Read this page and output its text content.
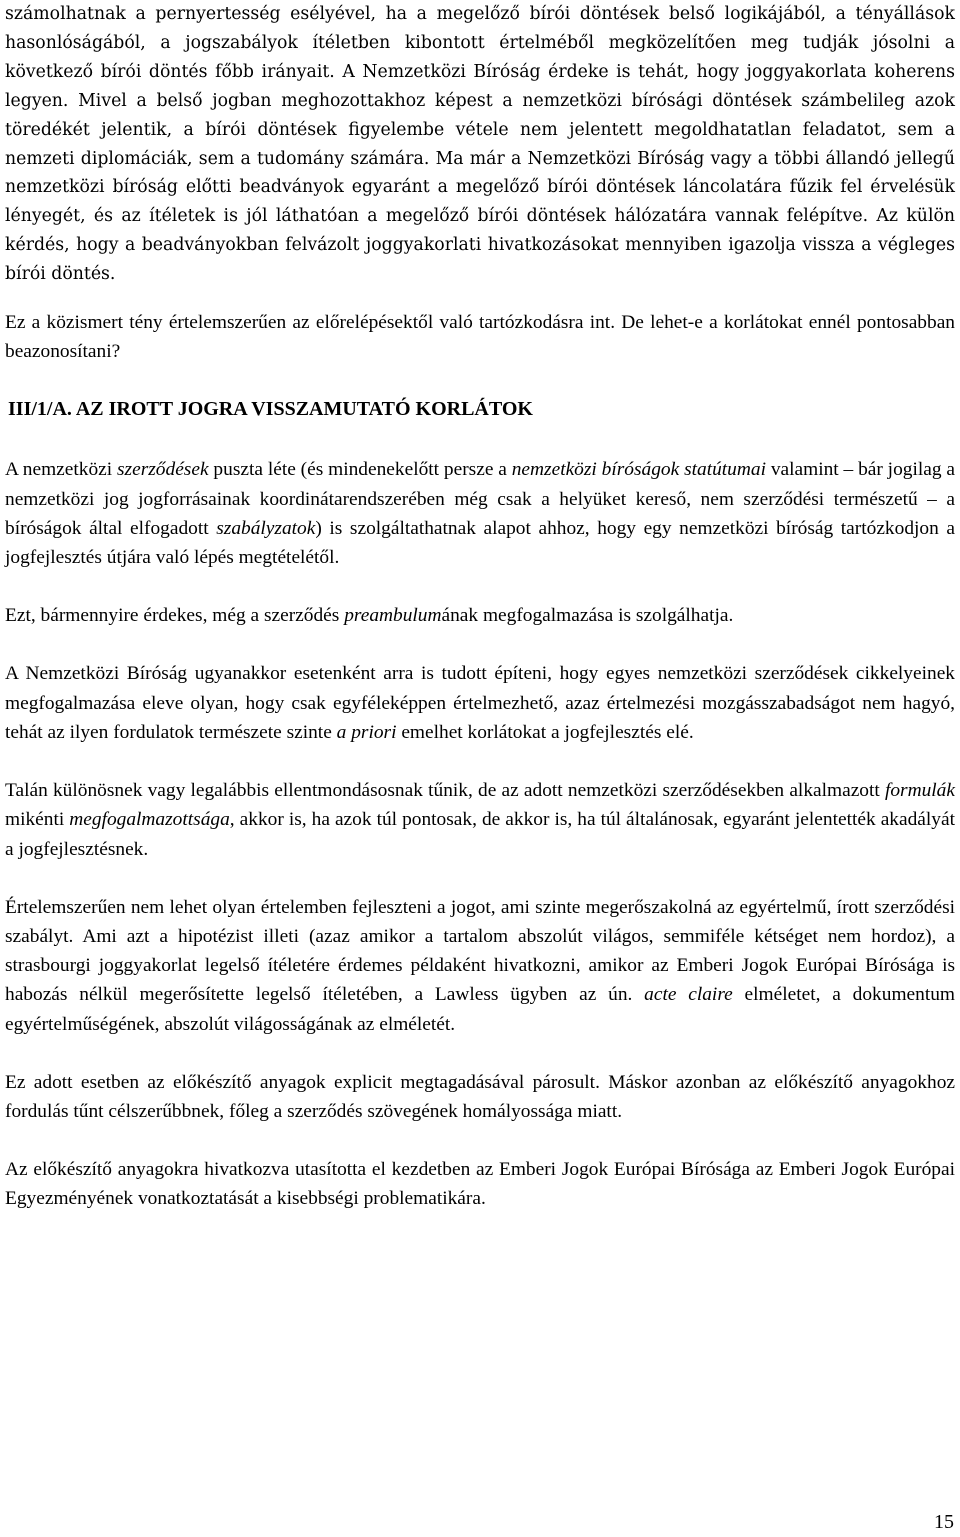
számolhatnak a pernyertesség esélyével, ha a megelőző bírói döntések belső logikájából, a tényállások hasonlóságából, a jogszabályok ítéletben kibontott értelméből megközelítően meg tudják jósolni a következő bírói döntés főbb irányait. A Nemzetközi Bíróság érdeke is tehát, hogy joggyakorlata koherens legyen. Mivel a belső jogban meghozottakhoz képest a nemzetközi bírósági döntések számbelileg azok töredékét jelentik, a bírói döntések figyelembe vétele nem jelentett megoldhatatlan feladatot, sem a nemzeti diplomáciák, sem a tudomány számára. Ma már a Nemzetközi Bíróság vagy a többi állandó jellegű nemzetközi bíróság előtti beadványok egyaránt a megelőző bírói döntések láncolatára fűzik fel érvelésük lényegét, és az ítéletek is jól láthatóan a megelőző bírói döntések hálózatára vannak felépítve. Az külön kérdés, hogy a beadványokban felvázolt joggyakorlati hivatkozásokat mennyiben igazolja vissza a végleges bírói döntés.

Ez a közismert tény értelemszerűen az előrelépésektől való tartózkodásra int. De lehet-e a korlátokat ennél pontosabban beazonosítani?

III/1/A. AZ IROTT JOGRA VISSZAMUTATÓ KORLÁTOK

A nemzetközi szerződések puszta léte (és mindenekelőtt persze a nemzetközi bíróságok statútumai valamint – bár jogilag a nemzetközi jog jogforrásainak koordinátarendszerében még csak a helyüket kereső, nem szerződési természetű – a bíróságok által elfogadott szabályzatok) is szolgáltathatnak alapot ahhoz, hogy egy nemzetközi bíróság tartózkodjon a jogfejlesztés útjára való lépés megtételétől.

Ezt, bármennyire érdekes, még a szerződés preambulumának megfogalmazása is szolgálhatja.

A Nemzetközi Bíróság ugyanakkor esetenként arra is tudott építeni, hogy egyes nemzetközi szerződések cikkelyeinek megfogalmazása eleve olyan, hogy csak egyféleképpen értelmezhető, azaz értelmezési mozgásszabadságot nem hagyó, tehát az ilyen fordulatok természete szinte a priori emelhet korlátokat a jogfejlesztés elé.

Talán különösnek vagy legalábbis ellentmondásosnak tűnik, de az adott nemzetközi szerződésekben alkalmazott formulák mikénti megfogalmazottsága, akkor is, ha azok túl pontosak, de akkor is, ha túl általánosak, egyaránt jelentették akadályát a jogfejlesztésnek.

Értelemszerűen nem lehet olyan értelemben fejleszteni a jogot, ami szinte megerőszakolná az egyértelmű, írott szerződési szabályt. Ami azt a hipotézist illeti (azaz amikor a tartalom abszolút világos, semmiféle kétséget nem hordoz), a strasbourgi joggyakorlat legelső ítéletére érdemes példaként hivatkozni, amikor az Emberi Jogok Európai Bírósága is habozás nélkül megerősítette legelső ítéletében, a Lawless ügyben az ún. acte claire elméletet, a dokumentum egyértelműségének, abszolút világosságának az elméletét.

Ez adott esetben az előkészítő anyagok explicit megtagadásával párosult. Máskor azonban az előkészítő anyagokhoz fordulás tűnt célszerűbbnek, főleg a szerződés szövegének homályossága miatt.

Az előkészítő anyagokra hivatkozva utasította el kezdetben az Emberi Jogok Európai Bírósága az Emberi Jogok Európai Egyezményének vonatkoztatását a kisebbségi problematikára.

15
